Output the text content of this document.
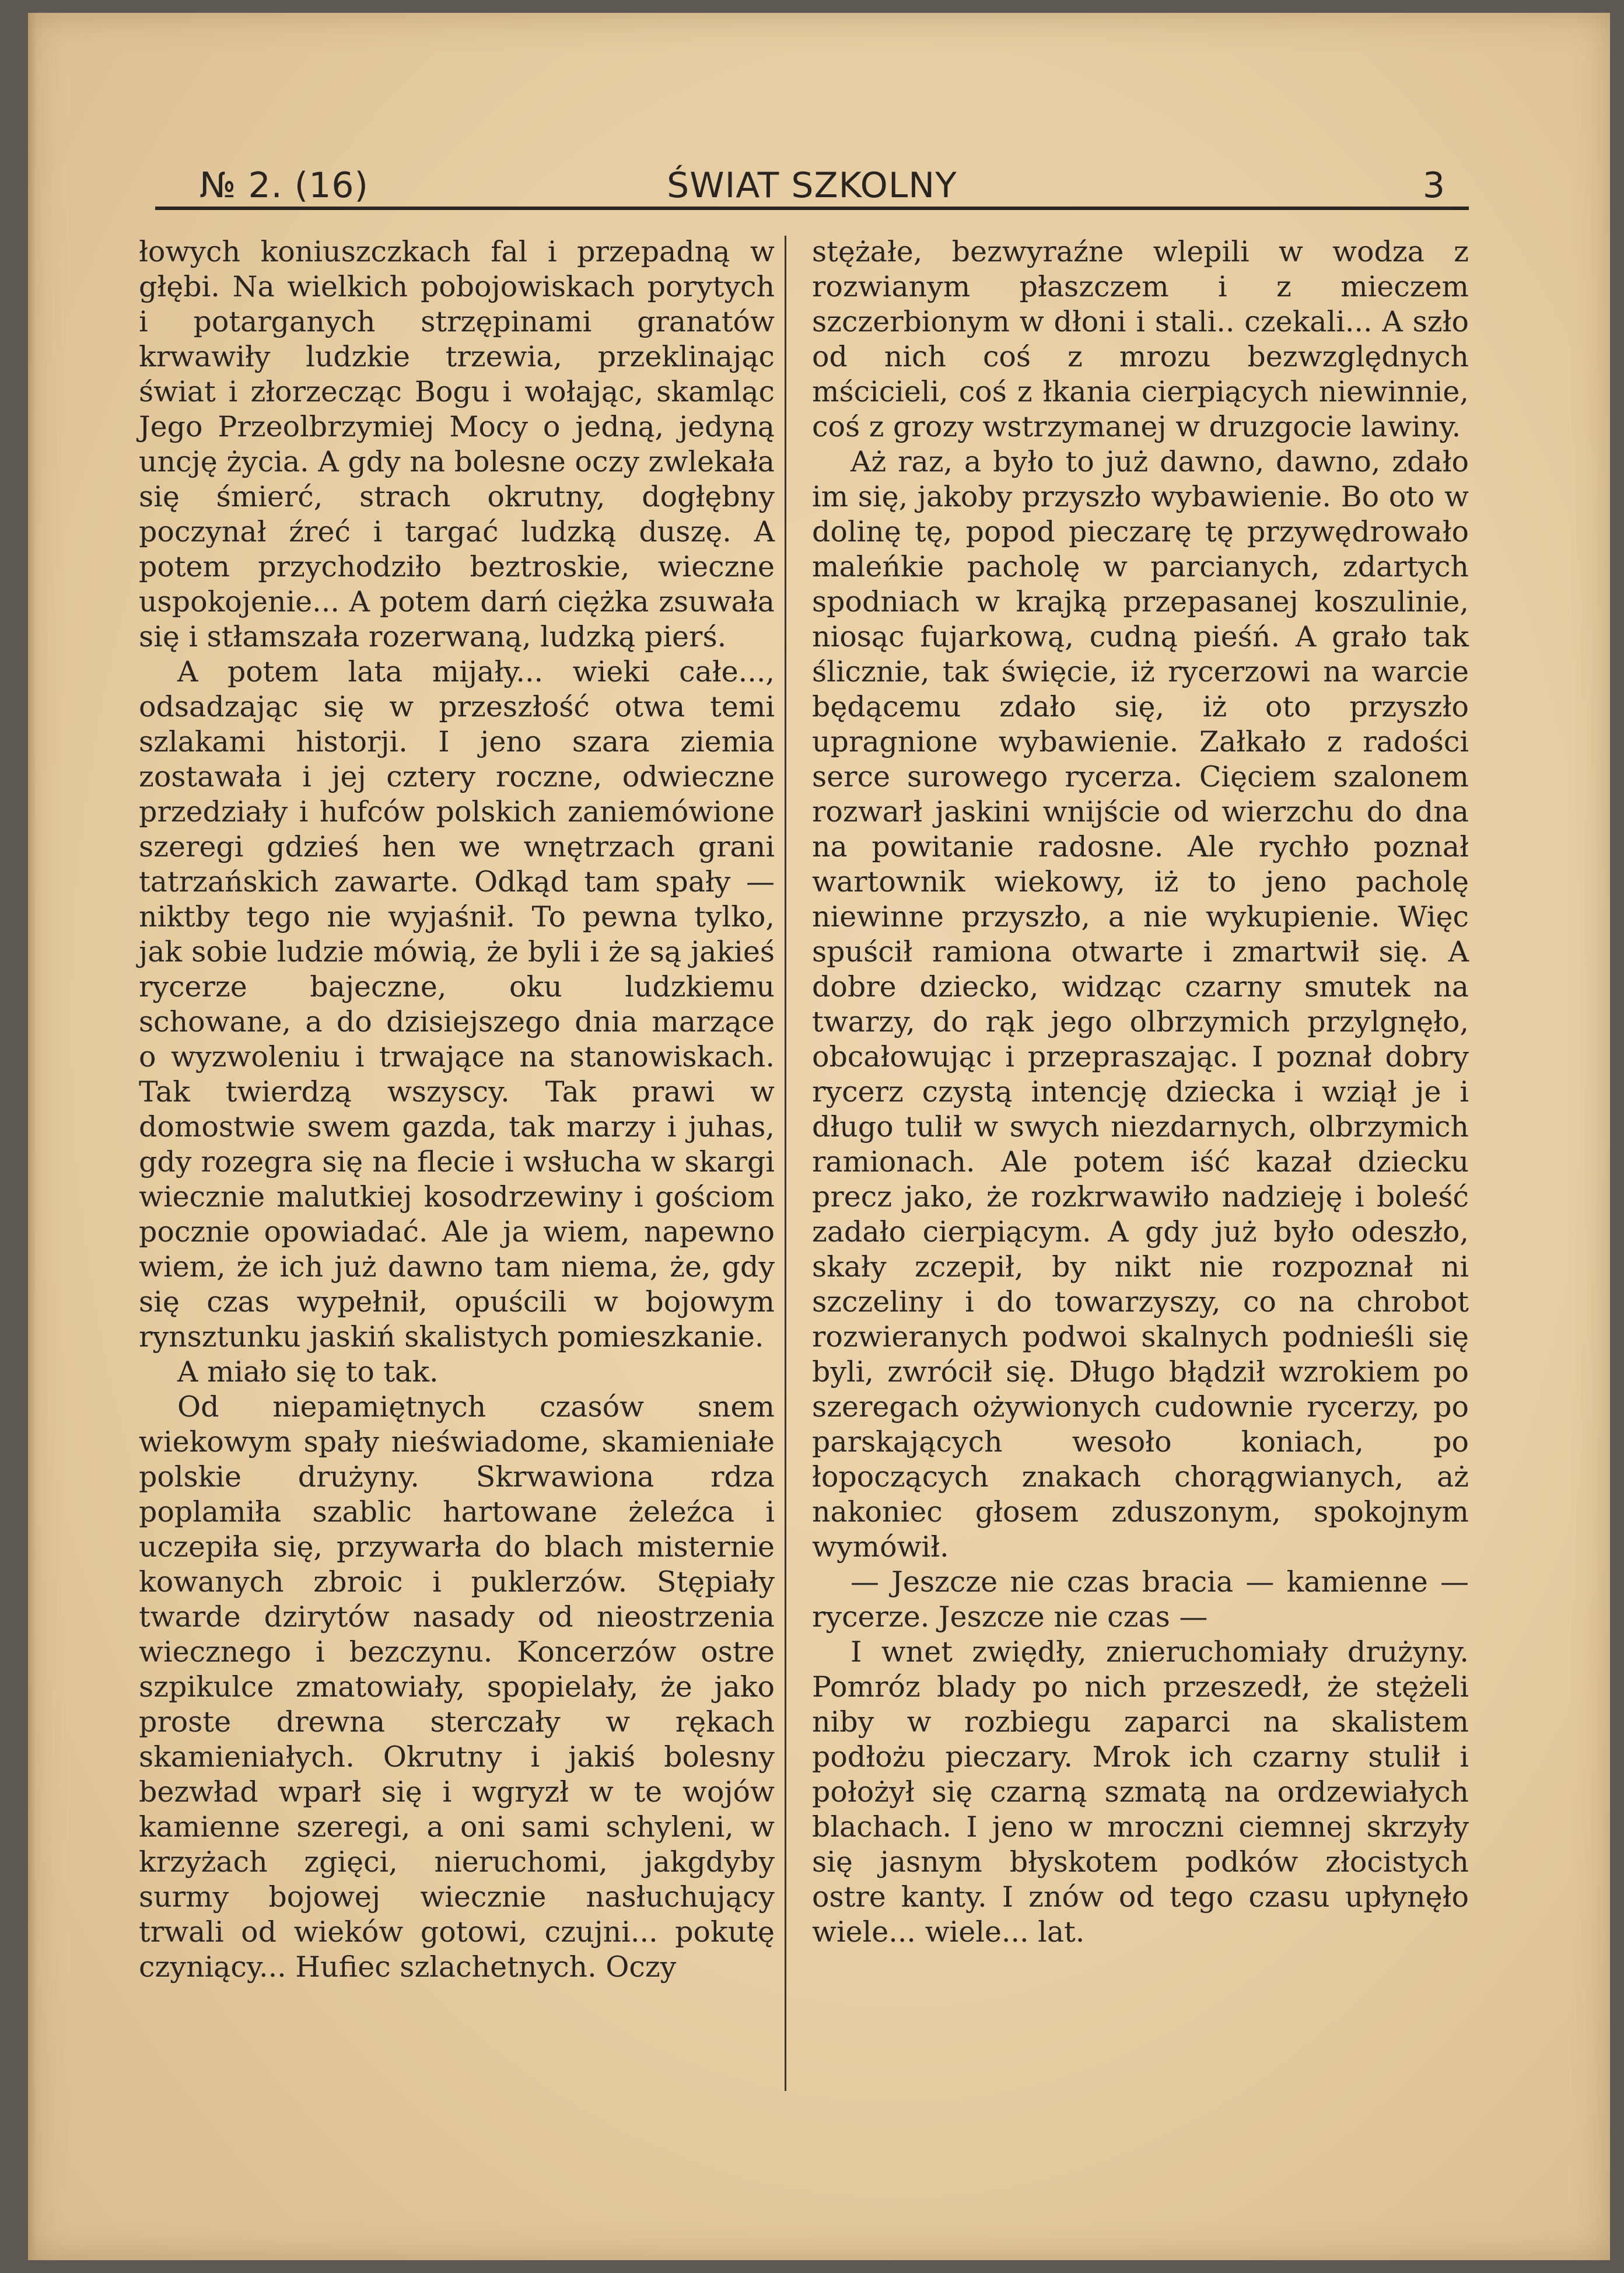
№ 2. (16)	ŚWIAT SZKOLNY	3

łowych koniuszczkach fal i przepadną w głębi. Na wielkich pobojowiskach porytych i potarganych strzępinami granatów krwawiły ludzkie trzewia, przeklinając świat i złorzecząc Bogu i wołając, skamląc Jego Przeolbrzymiej Mocy o jedną, jedyną uncję życia. A gdy na bolesne oczy zwlekała się śmierć, strach okrutny, dogłębny poczynał źreć i targać ludzką duszę. A potem przychodziło beztroskie, wieczne uspokojenie... A potem darń ciężka zsuwała się i stłamszała rozerwaną, ludzką pierś.

A potem lata mijały... wieki całe..., odsadzając się w przeszłość otwa temi szlakami historji. I jeno szara ziemia zostawała i jej cztery roczne, odwieczne przedziały i hufców polskich zaniemówione szeregi gdzieś hen we wnętrzach grani tatrzańskich zawarte. Odkąd tam spały — niktby tego nie wyjaśnił. To pewna tylko, jak sobie ludzie mówią, że byli i że są jakieś rycerze bajeczne, oku ludzkiemu schowane, a do dzisiejszego dnia marzące o wyzwoleniu i trwające na stanowiskach. Tak twierdzą wszyscy. Tak prawi w domostwie swem gazda, tak marzy i juhas, gdy rozegra się na flecie i wsłucha w skargi wiecznie malutkiej kosodrzewiny i gościom pocznie opowiadać. Ale ja wiem, napewno wiem, że ich już dawno tam niema, że, gdy się czas wypełnił, opuścili w bojowym rynsztunku jaskiń skalistych pomieszkanie.

A miało się to tak.

Od niepamiętnych czasów snem wiekowym spały nieświadome, skamieniałe polskie drużyny. Skrwawiona rdza poplamiła szablic hartowane żeleźca i uczepiła się, przywarła do blach misternie kowanych zbroic i puklerzów. Stępiały twarde dzirytów nasady od nieostrzenia wiecznego i bezczynu. Koncerzów ostre szpikulce zmatowiały, spopielały, że jako proste drewna sterczały w rękach skamieniałych. Okrutny i jakiś bolesny bezwład wparł się i wgryzł w te wojów kamienne szeregi, a oni sami schyleni, w krzyżach zgięci, nieruchomi, jakgdyby surmy bojowej wiecznie nasłuchujący trwali od wieków gotowi, czujni... pokutę czyniący... Hufiec szlachetnych. Oczy

stężałe, bezwyraźne wlepili w wodza z rozwianym płaszczem i z mieczem szczerbionym w dłoni i stali.. czekali... A szło od nich coś z mrozu bezwzględnych mścicieli, coś z łkania cierpiących niewinnie, coś z grozy wstrzymanej w druzgocie lawiny.

Aż raz, a było to już dawno, dawno, zdało im się, jakoby przyszło wybawienie. Bo oto w dolinę tę, popod pieczarę tę przywędrowało maleńkie pacholę w parcianych, zdartych spodniach w krajką przepasanej koszulinie, niosąc fujarkową, cudną pieśń. A grało tak ślicznie, tak święcie, iż rycerzowi na warcie będącemu zdało się, iż oto przyszło upragnione wybawienie. Załkało z radości serce surowego rycerza. Cięciem szalonem rozwarł jaskini wnijście od wierzchu do dna na powitanie radosne. Ale rychło poznał wartownik wiekowy, iż to jeno pacholę niewinne przyszło, a nie wykupienie. Więc spuścił ramiona otwarte i zmartwił się. A dobre dziecko, widząc czarny smutek na twarzy, do rąk jego olbrzymich przylgnęło, obcałowując i przepraszając. I poznał dobry rycerz czystą intencję dziecka i wziął je i długo tulił w swych niezdarnych, olbrzymich ramionach. Ale potem iść kazał dziecku precz jako, że rozkrwawiło nadzieję i boleść zadało cierpiącym. A gdy już było odeszło, skały zczepił, by nikt nie rozpoznał ni szczeliny i do towarzyszy, co na chrobot rozwieranych podwoi skalnych podnieśli się byli, zwrócił się. Długo błądził wzrokiem po szeregach ożywionych cudownie rycerzy, po parskających wesoło koniach, po łopoczących znakach chorągwianych, aż nakoniec głosem zduszonym, spokojnym wymówił.

— Jeszcze nie czas bracia — kamienne — rycerze. Jeszcze nie czas —

I wnet zwiędły, znieruchomiały drużyny. Pomróz blady po nich przeszedł, że stężeli niby w rozbiegu zaparci na skalistem podłożu pieczary. Mrok ich czarny stulił i położył się czarną szmatą na ordzewiałych blachach. I jeno w mroczni ciemnej skrzyły się jasnym błyskotem podków złocistych ostre kanty. I znów od tego czasu upłynęło wiele... wiele... lat.
